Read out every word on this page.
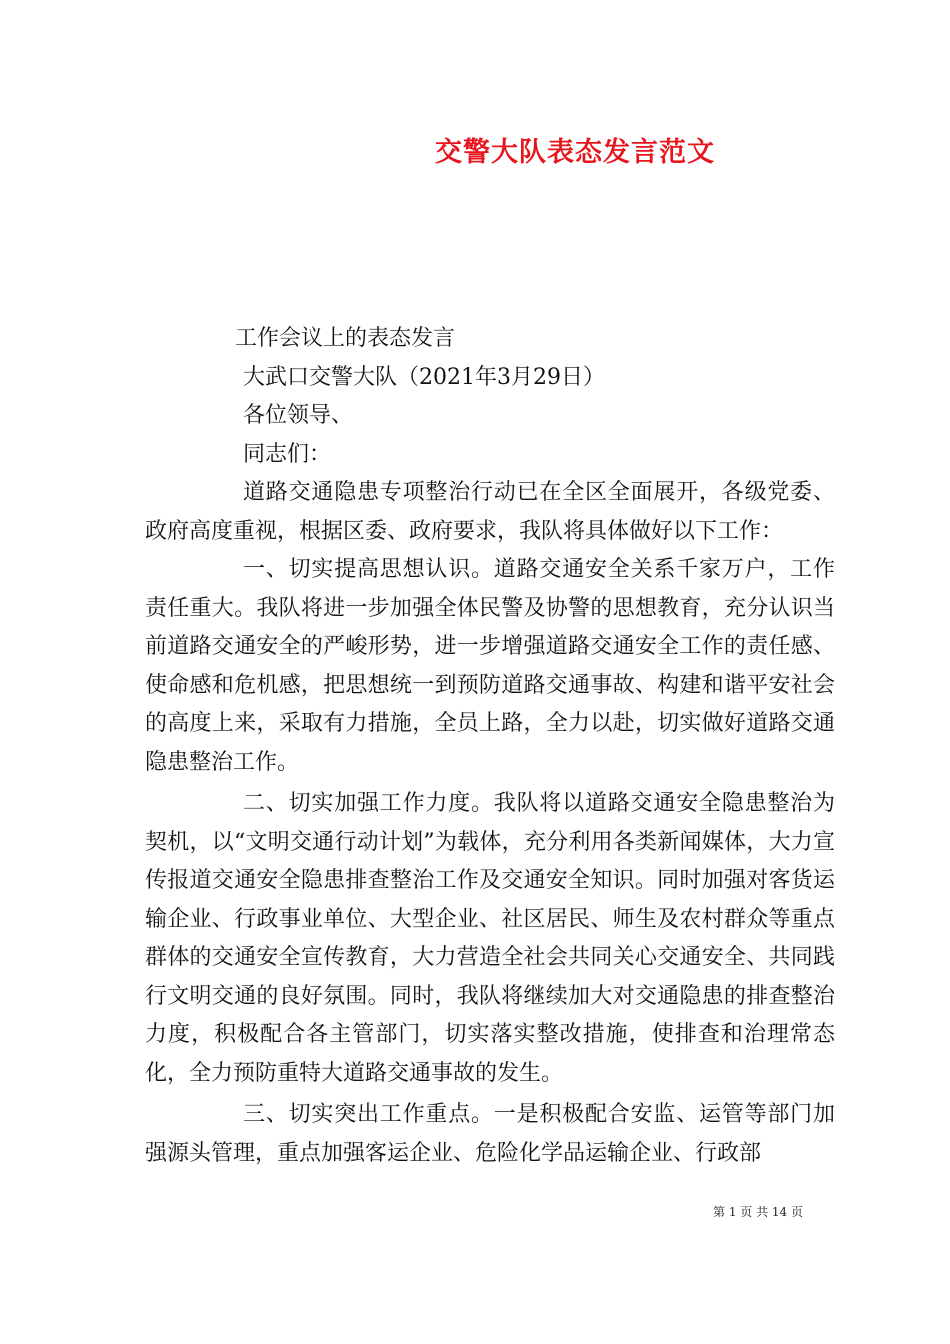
交警大队表态发言范文
工作会议上的表态发言
大武口交警大队（2021年3月29日）
各位领导、
同志们：

道路交通隐患专项整治行动已在全区全面展开，各级党委、政府高度重视，根据区委、政府要求，我队将具体做好以下工作：

一、切实提高思想认识。道路交通安全关系千家万户，工作责任重大。我队将进一步加强全体民警及协警的思想教育，充分认识当前道路交通安全的严峻形势，进一步增强道路交通安全工作的责任感、使命感和危机感，把思想统一到预防道路交通事故、构建和谐平安社会的高度上来，采取有力措施，全员上路，全力以赴，切实做好道路交通隐患整治工作。

二、切实加强工作力度。我队将以道路交通安全隐患整治为契机，以“文明交通行动计划”为载体，充分利用各类新闻媒体，大力宣传报道交通安全隐患排查整治工作及交通安全知识。同时加强对客货运输企业、行政事业单位、大型企业、社区居民、师生及农村群众等重点群体的交通安全宣传教育，大力营造全社会共同关心交通安全、共同践行文明交通的良好氛围。同时，我队将继续加大对交通隐患的排查整治力度，积极配合各主管部门，切实落实整改措施，使排查和治理常态化，全力预防重特大道路交通事故的发生。

三、切实突出工作重点。一是积极配合安监、运管等部门加强源头管理，重点加强客运企业、危险化学品运输企业、行政部

第 1 页 共 14 页
